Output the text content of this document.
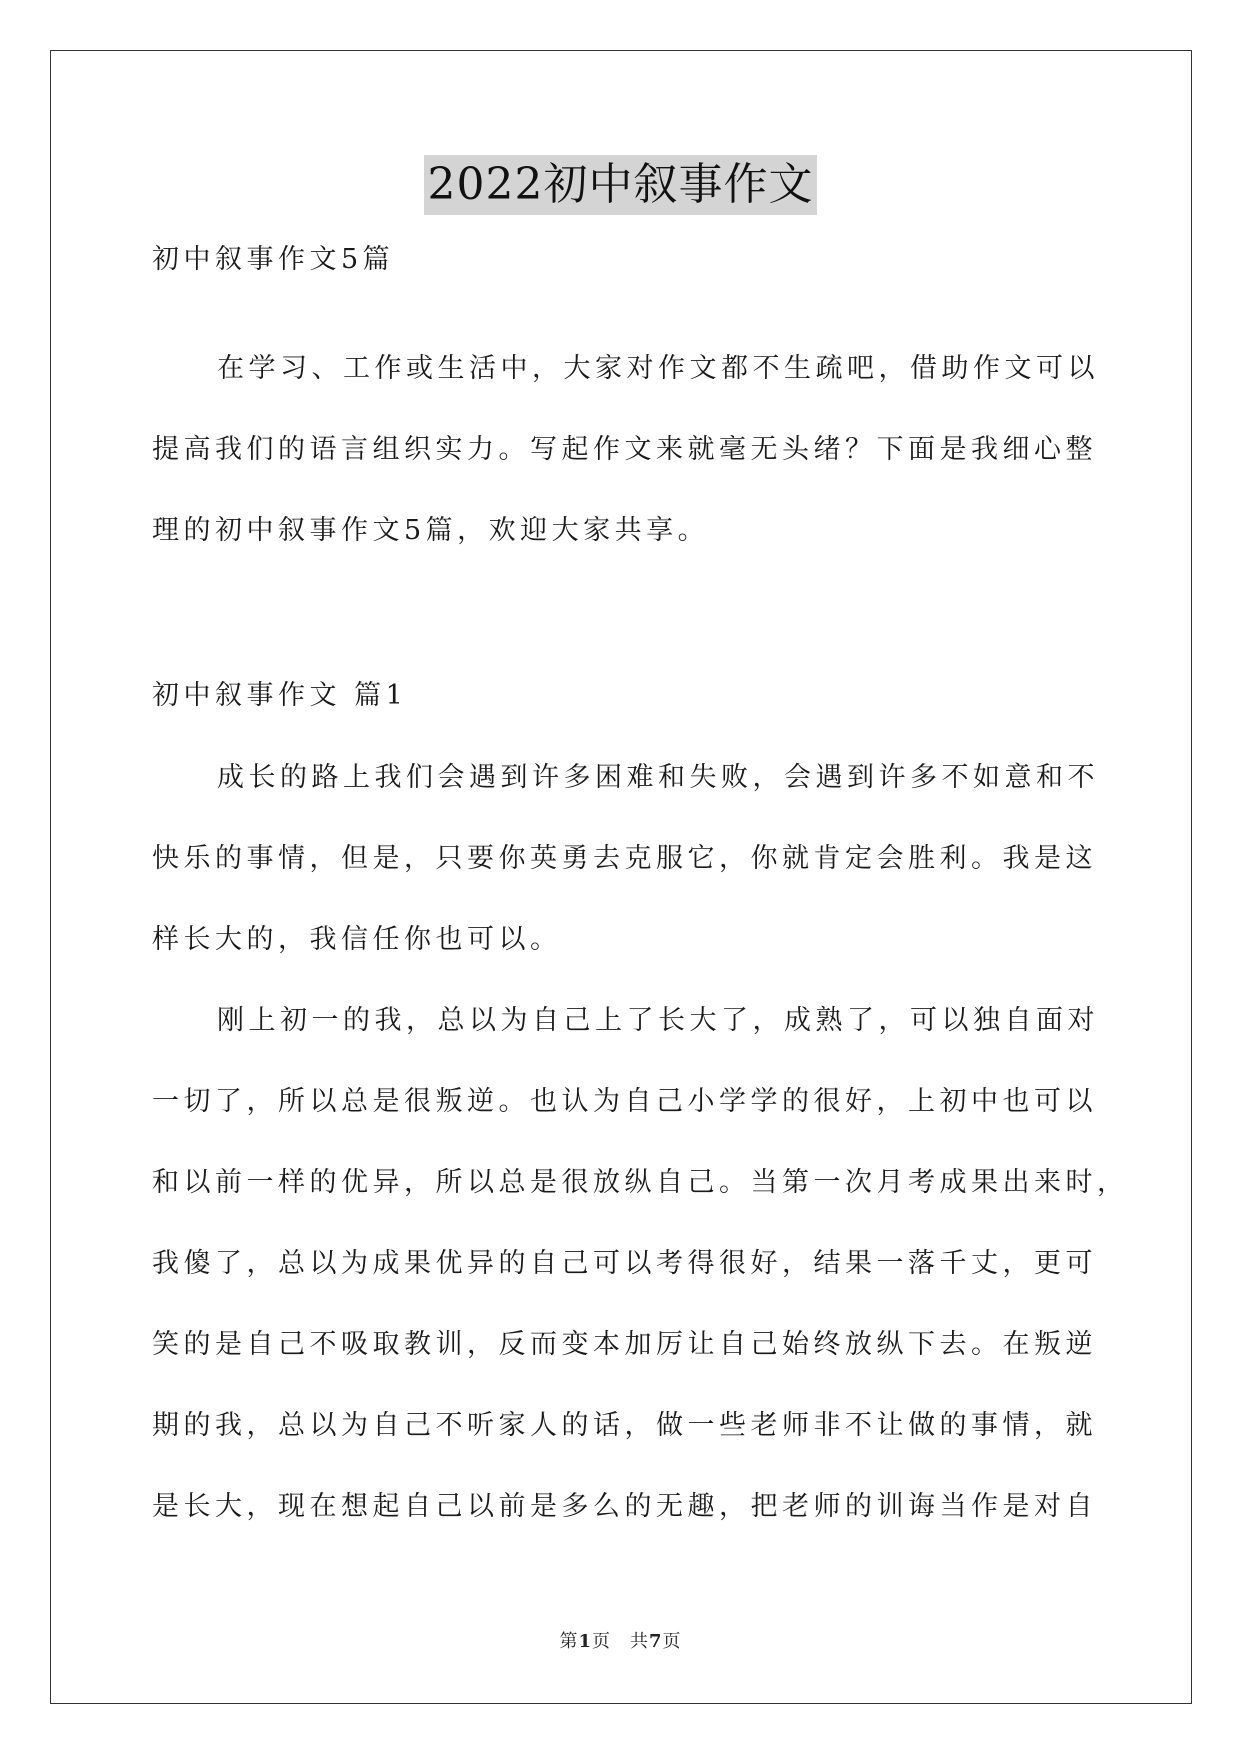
2022初中叙事作文

初中叙事作文5篇

在学习、工作或生活中，大家对作文都不生疏吧，借助作文可以

提高我们的语言组织实力。写起作文来就毫无头绪？下面是我细心整

理的初中叙事作文5篇，欢迎大家共享。

初中叙事作文 篇1

成长的路上我们会遇到许多困难和失败，会遇到许多不如意和不

快乐的事情，但是，只要你英勇去克服它，你就肯定会胜利。我是这

样长大的，我信任你也可以。

刚上初一的我，总以为自己上了长大了，成熟了，可以独自面对

一切了，所以总是很叛逆。也认为自己小学学的很好，上初中也可以

和以前一样的优异，所以总是很放纵自己。当第一次月考成果出来时，

我傻了，总以为成果优异的自己可以考得很好，结果一落千丈，更可

笑的是自己不吸取教训，反而变本加厉让自己始终放纵下去。在叛逆

期的我，总以为自己不听家人的话，做一些老师非不让做的事情，就

是长大，现在想起自己以前是多么的无趣，把老师的训诲当作是对自

第1页　共7页
